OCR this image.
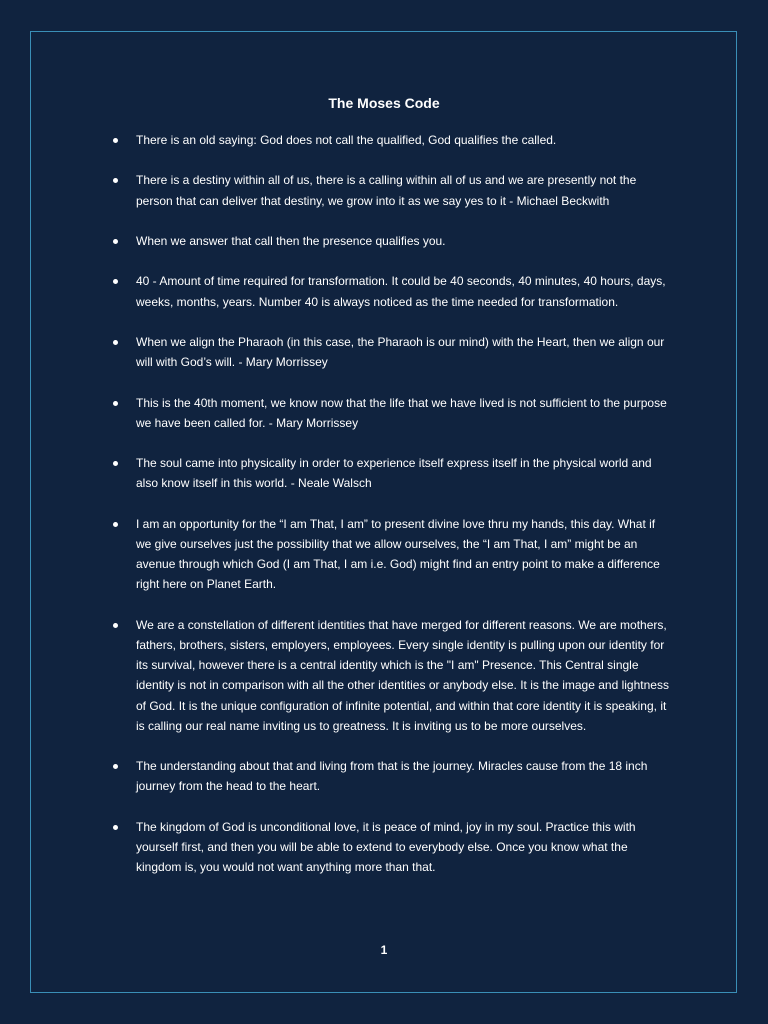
The Moses Code
There is an old saying: God does not call the qualified, God qualifies the called.
There is a destiny within all of us, there is a calling within all of us and we are presently not the person that can deliver that destiny, we grow into it as we say yes to it - Michael Beckwith
When we answer that call then the presence qualifies you.
40 - Amount of time required for transformation. It could be 40 seconds, 40 minutes, 40 hours, days, weeks, months, years. Number 40 is always noticed as the time needed for transformation.
When we align the Pharaoh (in this case, the Pharaoh is our mind) with the Heart, then we align our will with God’s will. - Mary Morrissey
This is the 40th moment, we know now that the life that we have lived is not sufficient to the purpose we have been called for. - Mary Morrissey
The soul came into physicality in order to experience itself express itself in the physical world and also know itself in this world. - Neale Walsch
I am an opportunity for the “I am That, I am” to present divine love thru my hands, this day. What if we give ourselves just the possibility that we allow ourselves, the “I am That, I am” might be an avenue through which God (I am That, I am i.e. God) might find an entry point to make a difference right here on Planet Earth.
We are a constellation of different identities that have merged for different reasons. We are mothers, fathers, brothers, sisters, employers, employees. Every single identity is pulling upon our identity for its survival, however there is a central identity which is the "I am" Presence. This Central single identity is not in comparison with all the other identities or anybody else. It is the image and lightness of God. It is the unique configuration of infinite potential, and within that core identity it is speaking, it is calling our real name inviting us to greatness. It is inviting us to be more ourselves.
The understanding about that and living from that is the journey. Miracles cause from the 18 inch journey from the head to the heart.
The kingdom of God is unconditional love, it is peace of mind, joy in my soul. Practice this with yourself first, and then you will be able to extend to everybody else. Once you know what the kingdom is, you would not want anything more than that.
1
